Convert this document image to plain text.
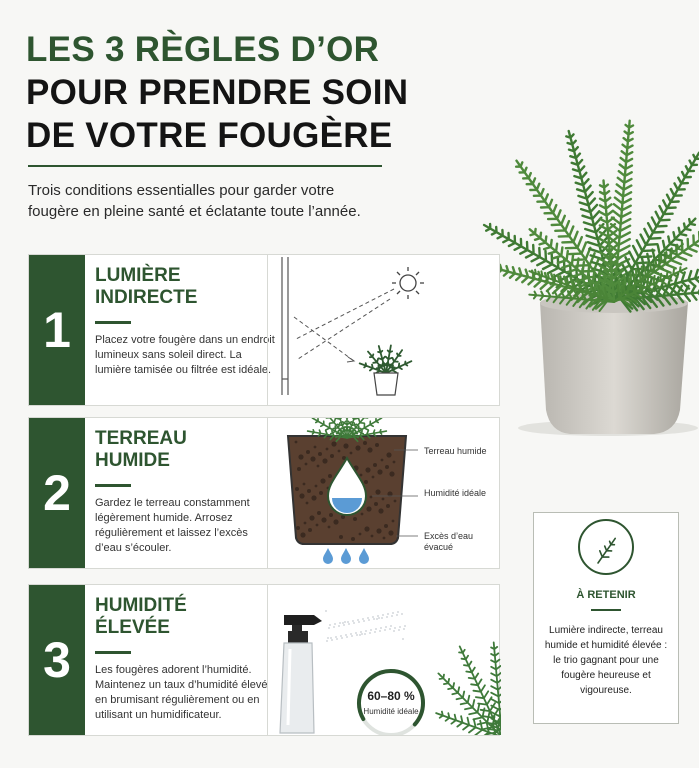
LES 3 RÈGLES D’OR

POUR PRENDRE SOIN

DE VOTRE FOUGÈRE

Trois conditions essentialles pour garder votre fougère en pleine santé et éclatante toute l’année.

1

LUMIÈRE
INDIRECTE

Placez votre fougère dans un endroit lumineux sans soleil direct. La lumière tamisée ou filtrée est idéale.

2

TERREAU
HUMIDE

Gardez le terreau constamment légèrement humide. Arrosez régulièrement et laissez l’excès d’eau s’écouler.

Terreau humide
Humidité idéale
Excès d’eau évacué
3

HUMIDITÉ
ÉLEVÉE

Les fougères adorent l’humidité. Maintenez un taux d’humidité élevé en brumisant régulièrement ou en utilisant un humidificateur.

60–80 %
Humidité idéale

À RETENIR

Lumière indirecte, terreau humide et humidité élevée : le trio gagnant pour une fougère heureuse et vigoureuse.
